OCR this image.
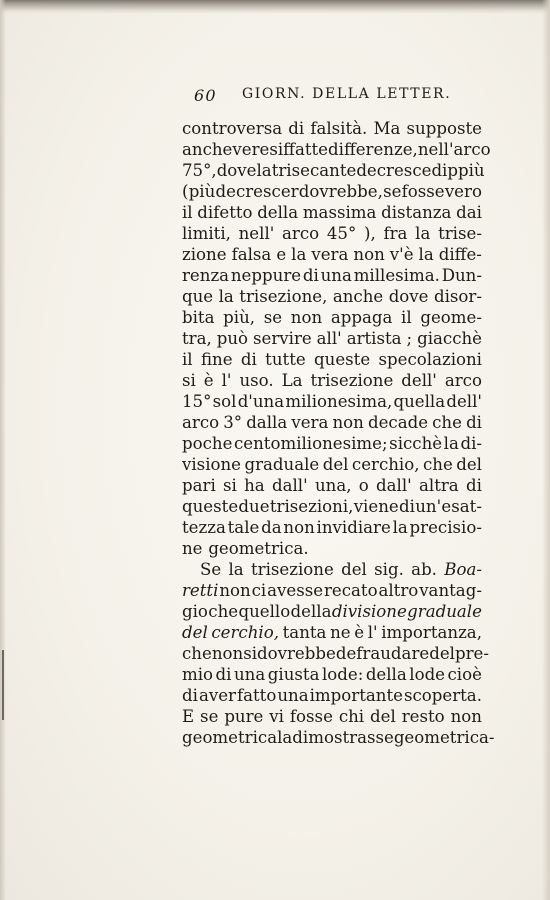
60 GIORN. DELLA LETTER.
controversa di falsità. Ma supposte
anche vere siffatte differenze, nell' arco
75°, dove la trisecante decresce dippiù
( più decrescer dovrebbe, se fosse vero
il difetto della massima distanza dai
limiti, nell' arco 45° ), fra la trise-
zione falsa e la vera non v'è la diffe-
renza neppure di una millesima. Dun-
que la trisezione, anche dove disor-
bita più, se non appaga il geome-
tra, può servire all' artista ; giacchè
il fine di tutte queste specolazioni
si è l' uso. La trisezione dell' arco
15° sol d'una milionesima, quella dell'
arco 3° dalla vera non decade che di
poche centomilionesime; sicchè la di-
visione graduale del cerchio, che del
pari si ha dall' una, o dall' altra di
queste due trisezioni, viene di un' esat-
tezza tale da non invidiare la precisio-
ne geometrica.
Se la trisezione del sig. ab. Boa-
retti non ci avesse recato altro vantag-
gio che quello della divisione graduale
del cerchio, tanta ne è l' importanza,
che non si dovrebbe defraudare del pre-
mio di una giusta lode: della lode cioè
di aver fatto una importante scoperta.
E se pure vi fosse chi del resto non
geometrica la dimostrasse geometrica-
